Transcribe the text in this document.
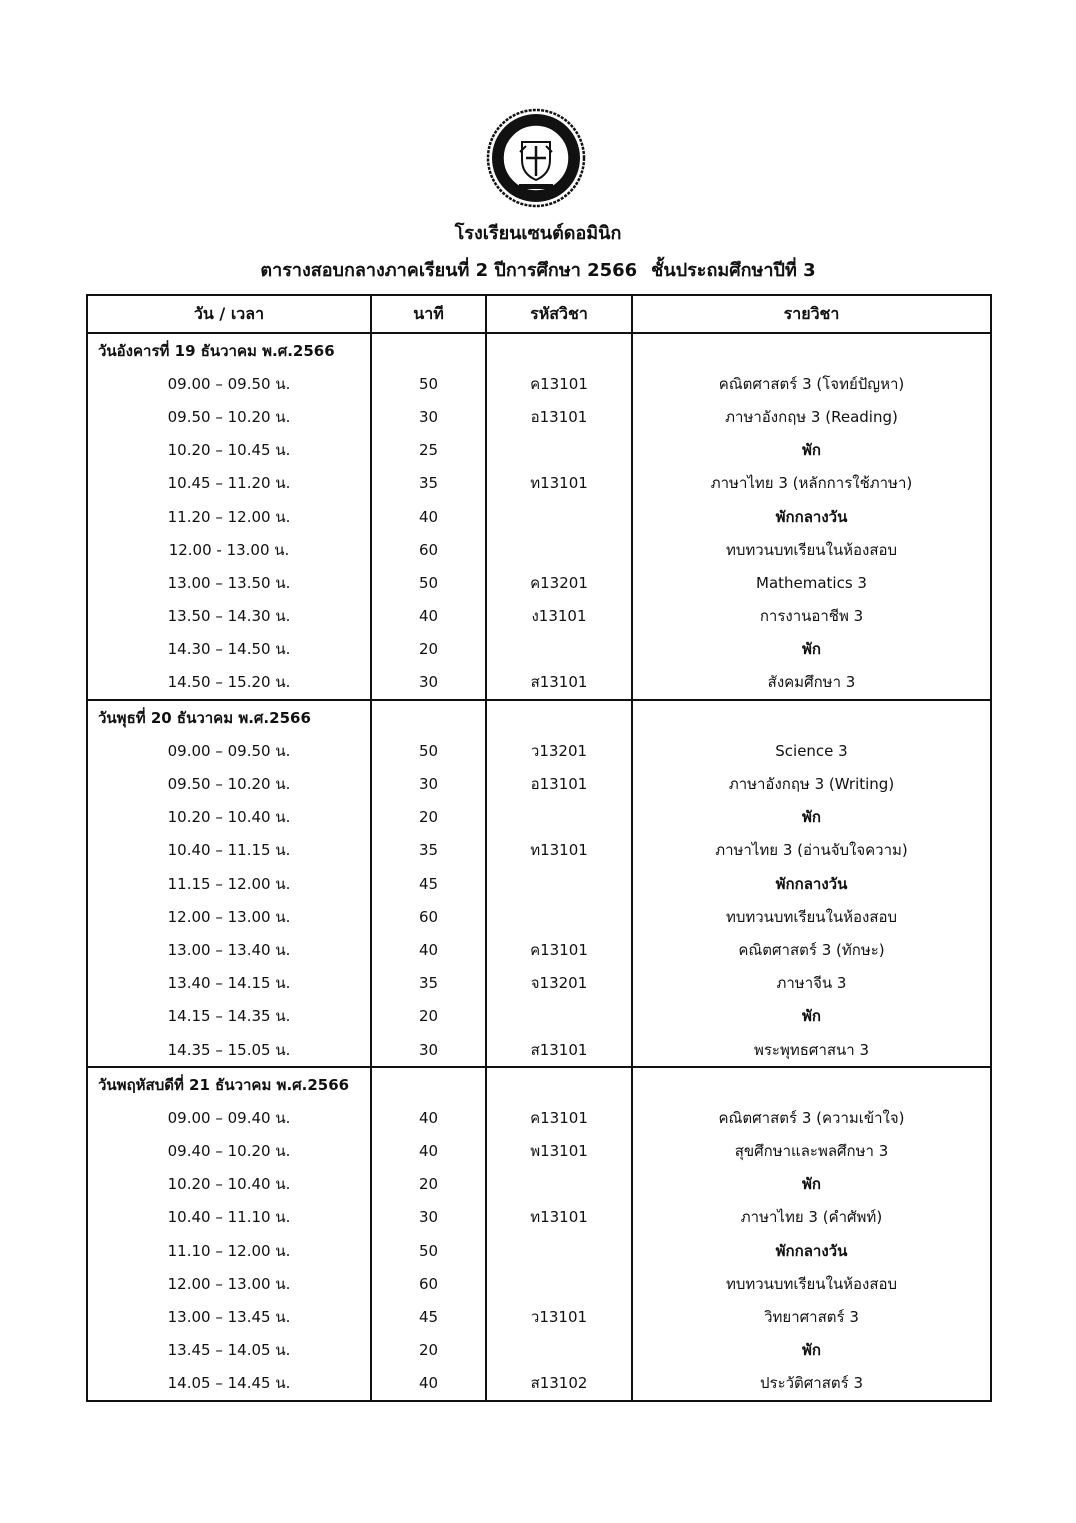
โรงเรียนเซนต์ดอมินิก
ตารางสอบกลางภาคเรียนที่ 2 ปีการศึกษา 2566 ชั้นประถมศึกษาปีที่ 3
วัน / เวลา	นาที	รหัสวิชา	รายวิชา
วันอังคารที่ 19 ธันวาคม พ.ศ.2566			
09.00 – 09.50 น.	50	ค13101	คณิตศาสตร์ 3 (โจทย์ปัญหา)
09.50 – 10.20 น.	30	อ13101	ภาษาอังกฤษ 3 (Reading)
10.20 – 10.45 น.	25		พัก
10.45 – 11.20 น.	35	ท13101	ภาษาไทย 3 (หลักการใช้ภาษา)
11.20 – 12.00 น.	40		พักกลางวัน
12.00 - 13.00 น.	60		ทบทวนบทเรียนในห้องสอบ
13.00 – 13.50 น.	50	ค13201	Mathematics 3
13.50 – 14.30 น.	40	ง13101	การงานอาชีพ 3
14.30 – 14.50 น.	20		พัก
14.50 – 15.20 น.	30	ส13101	สังคมศึกษา 3
วันพุธที่ 20 ธันวาคม พ.ศ.2566			
09.00 – 09.50 น.	50	ว13201	Science 3
09.50 – 10.20 น.	30	อ13101	ภาษาอังกฤษ 3 (Writing)
10.20 – 10.40 น.	20		พัก
10.40 – 11.15 น.	35	ท13101	ภาษาไทย 3 (อ่านจับใจความ)
11.15 – 12.00 น.	45		พักกลางวัน
12.00 – 13.00 น.	60		ทบทวนบทเรียนในห้องสอบ
13.00 – 13.40 น.	40	ค13101	คณิตศาสตร์ 3 (ทักษะ)
13.40 – 14.15 น.	35	จ13201	ภาษาจีน 3
14.15 – 14.35 น.	20		พัก
14.35 – 15.05 น.	30	ส13101	พระพุทธศาสนา 3
วันพฤหัสบดีที่ 21 ธันวาคม พ.ศ.2566			
09.00 – 09.40 น.	40	ค13101	คณิตศาสตร์ 3 (ความเข้าใจ)
09.40 – 10.20 น.	40	พ13101	สุขศึกษาและพลศึกษา 3
10.20 – 10.40 น.	20		พัก
10.40 – 11.10 น.	30	ท13101	ภาษาไทย 3 (คำศัพท์)
11.10 – 12.00 น.	50		พักกลางวัน
12.00 – 13.00 น.	60		ทบทวนบทเรียนในห้องสอบ
13.00 – 13.45 น.	45	ว13101	วิทยาศาสตร์ 3
13.45 – 14.05 น.	20		พัก
14.05 – 14.45 น.	40	ส13102	ประวัติศาสตร์ 3
